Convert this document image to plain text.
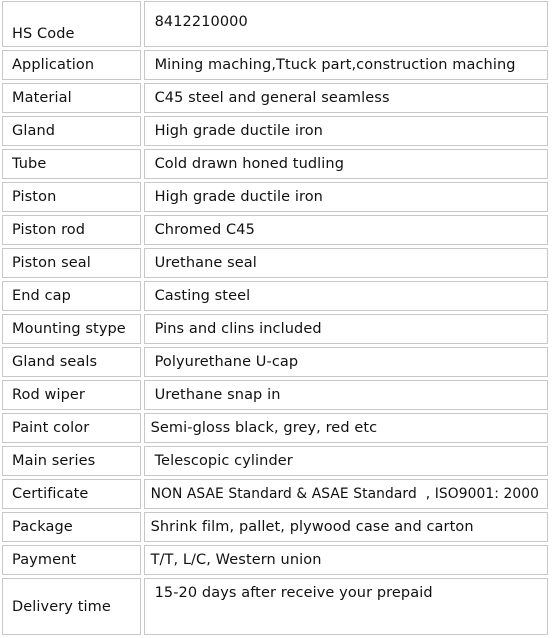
HS Code	8412210000
Application	Mining maching,Ttuck part,construction maching
Material	C45 steel and general seamless
Gland	High grade ductile iron
Tube	Cold drawn honed tudling
Piston	High grade ductile iron
Piston rod	Chromed C45
Piston seal	Urethane seal
End cap	Casting steel
Mounting stype	Pins and clins included
Gland seals	Polyurethane U-cap
Rod wiper	Urethane snap in
Paint color	Semi-gloss black, grey, red etc
Main series	Telescopic cylinder
Certificate	NON ASAE Standard & ASAE Standard  , ISO9001: 2000
Package	Shrink film, pallet, plywood case and carton
Payment	T/T, L/C, Western union
Delivery time	15-20 days after receive your prepaid
